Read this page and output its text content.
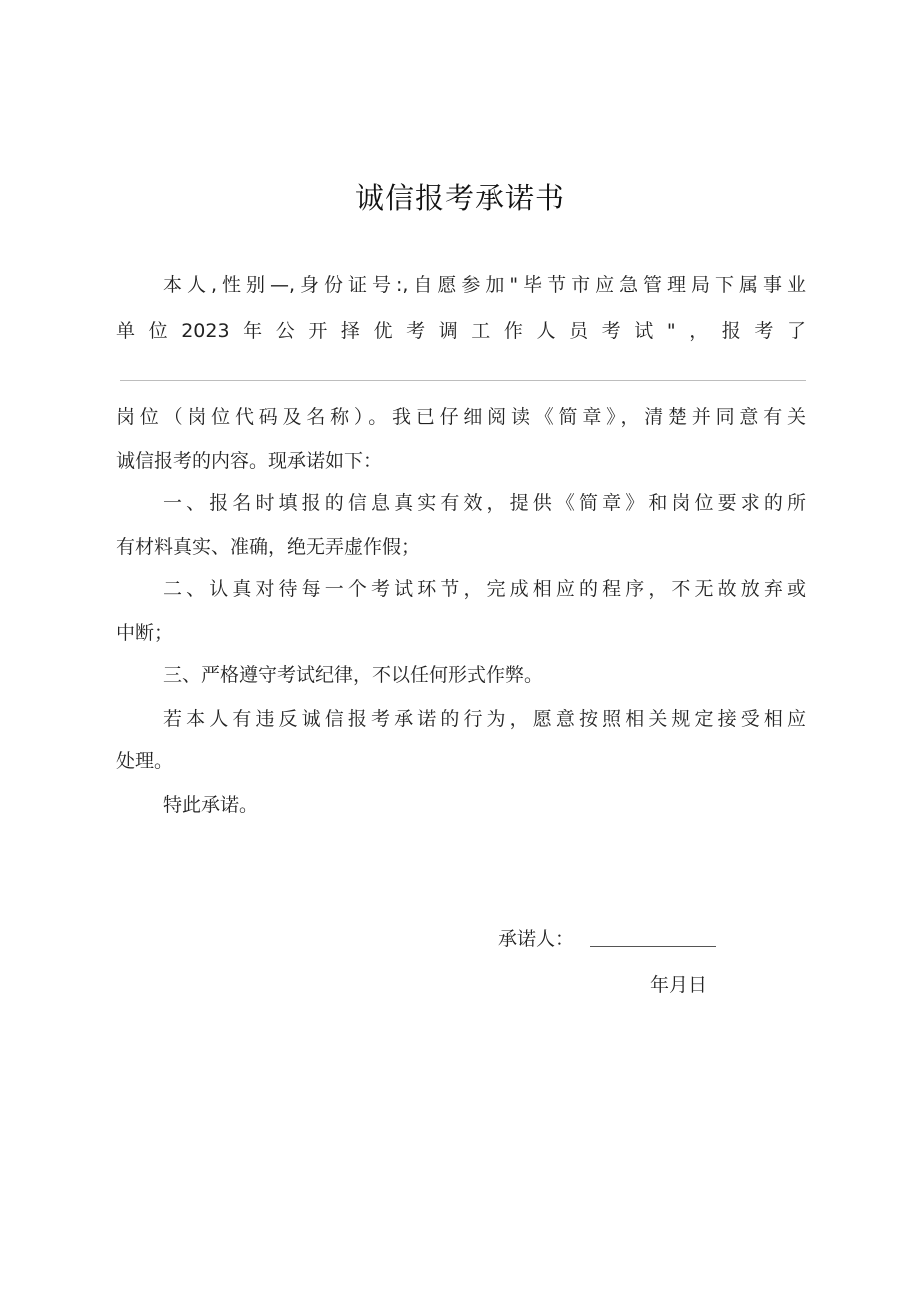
诚信报考承诺书
本人,性别—,身份证号:,自愿参加"毕节市应急管理局下属事业
单位2023年公开择优考调工作人员考试"，报考了
岗位（岗位代码及名称）。我已仔细阅读《简章》，清楚并同意有关
诚信报考的内容。现承诺如下：
一、报名时填报的信息真实有效，提供《简章》和岗位要求的所
有材料真实、准确，绝无弄虚作假；
二、认真对待每一个考试环节，完成相应的程序，不无故放弃或
中断；
三、严格遵守考试纪律，不以任何形式作弊。
若本人有违反诚信报考承诺的行为，愿意按照相关规定接受相应
处理。
特此承诺。
承诺人：
年月日
